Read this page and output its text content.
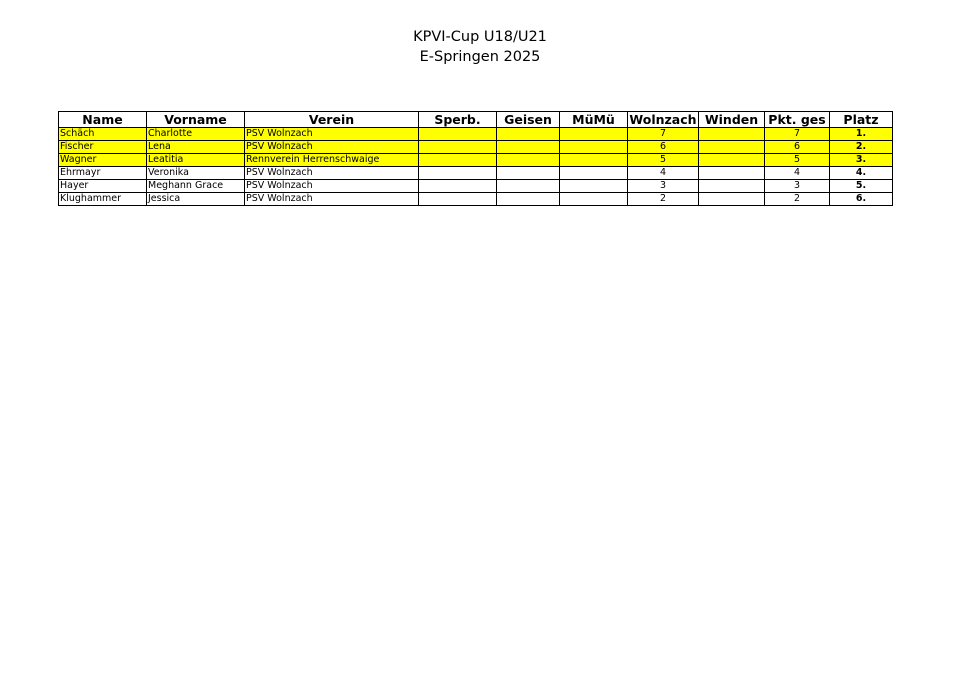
KPVI-Cup U18/U21
E-Springen 2025
Name	Vorname	Verein	Sperb.	Geisen	MüMü	Wolnzach	Winden	Pkt. ges	Platz
Schäch	Charlotte	PSV Wolnzach				7		7	1.
Fischer	Lena	PSV Wolnzach				6		6	2.
Wagner	Leatitia	Rennverein Herrenschwaige				5		5	3.
Ehrmayr	Veronika	PSV Wolnzach				4		4	4.
Hayer	Meghann Grace	PSV Wolnzach				3		3	5.
Klughammer	Jessica	PSV Wolnzach				2		2	6.
